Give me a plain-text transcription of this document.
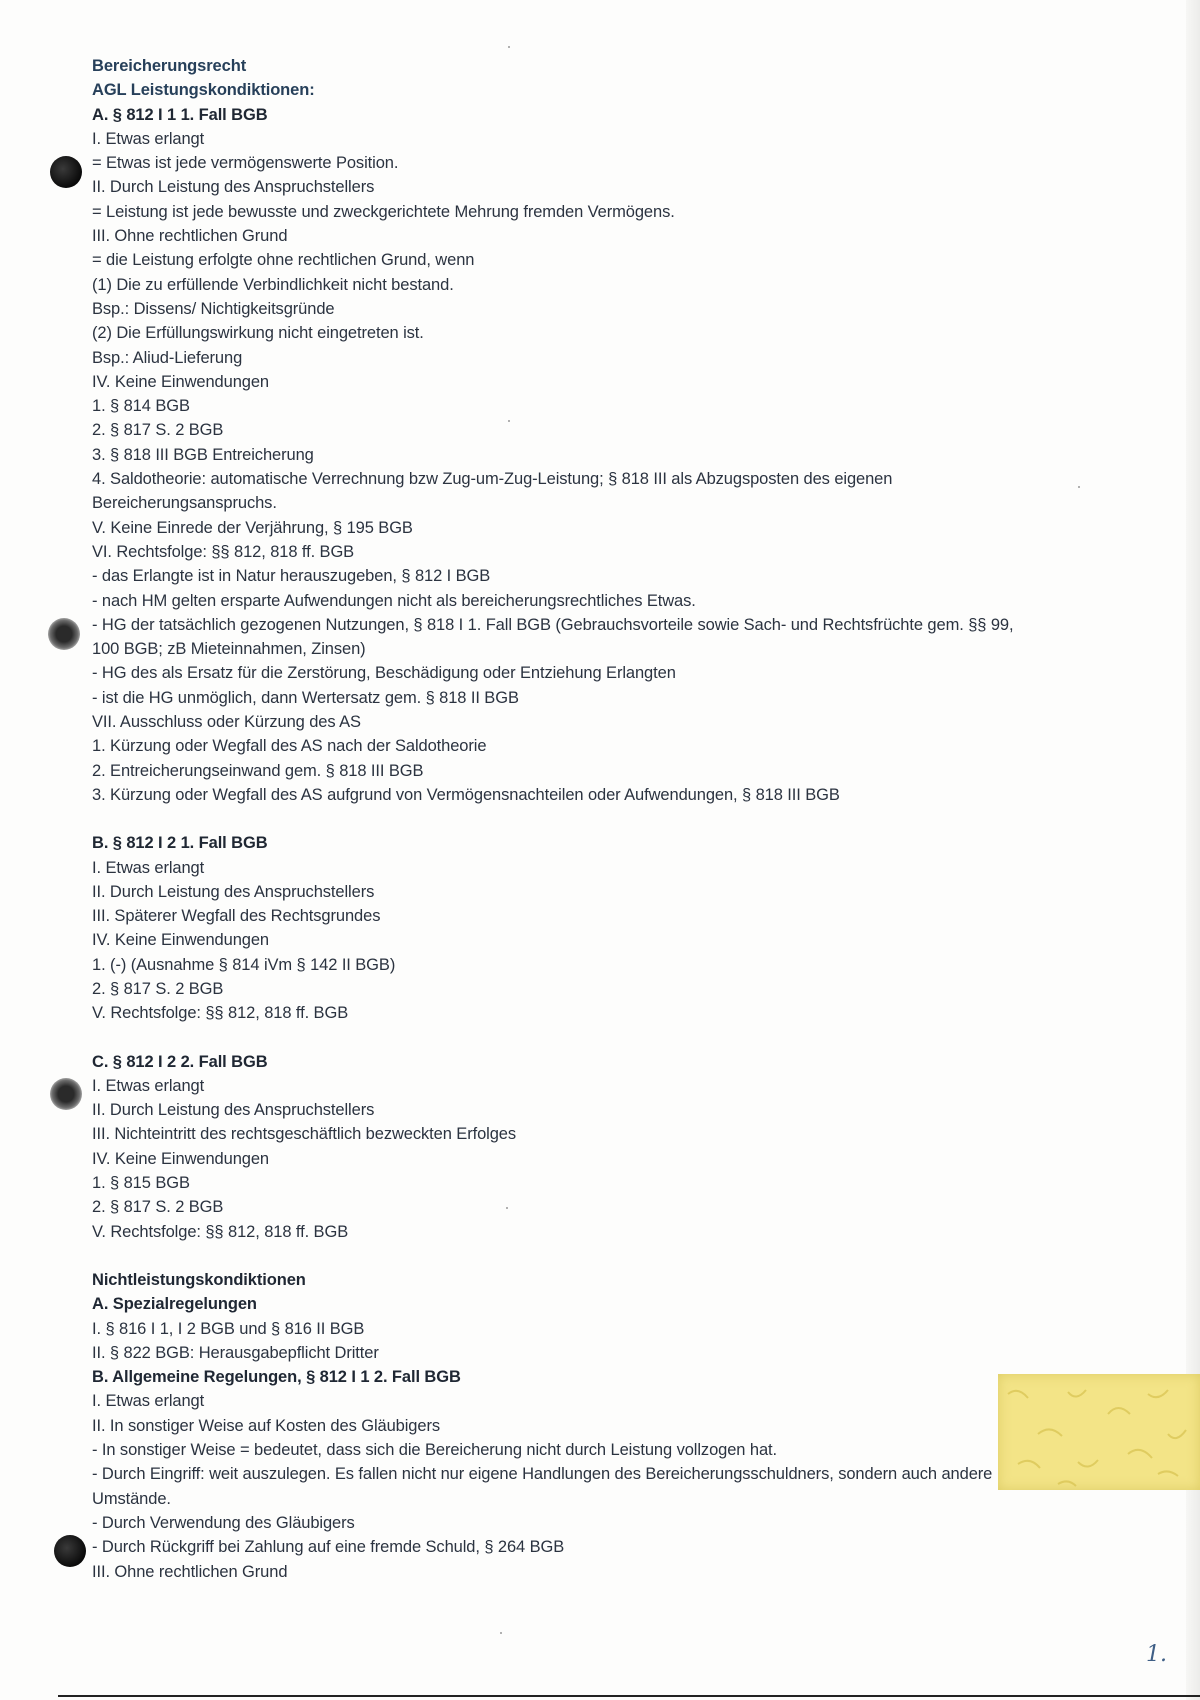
Bereicherungsrecht
AGL Leistungskondiktionen:
A. § 812 I 1 1. Fall BGB
I. Etwas erlangt
= Etwas ist jede vermögenswerte Position.
II. Durch Leistung des Anspruchstellers
= Leistung ist jede bewusste und zweckgerichtete Mehrung fremden Vermögens.
III. Ohne rechtlichen Grund
= die Leistung erfolgte ohne rechtlichen Grund, wenn
(1) Die zu erfüllende Verbindlichkeit nicht bestand.
Bsp.: Dissens/ Nichtigkeitsgründe
(2) Die Erfüllungswirkung nicht eingetreten ist.
Bsp.: Aliud-Lieferung
IV. Keine Einwendungen
1. § 814 BGB
2. § 817 S. 2 BGB
3. § 818 III BGB Entreicherung
4. Saldotheorie: automatische Verrechnung bzw Zug-um-Zug-Leistung; § 818 III als Abzugsposten des eigenen
Bereicherungsanspruchs.
V. Keine Einrede der Verjährung, § 195 BGB
VI. Rechtsfolge: §§ 812, 818 ff. BGB
- das Erlangte ist in Natur herauszugeben, § 812 I BGB
- nach HM gelten ersparte Aufwendungen nicht als bereicherungsrechtliches Etwas.
- HG der tatsächlich gezogenen Nutzungen, § 818 I 1. Fall BGB (Gebrauchsvorteile sowie Sach- und Rechtsfrüchte gem. §§ 99,
100 BGB; zB Mieteinnahmen, Zinsen)
- HG des als Ersatz für die Zerstörung, Beschädigung oder Entziehung Erlangten
- ist die HG unmöglich, dann Wertersatz gem. § 818 II BGB
VII. Ausschluss oder Kürzung des AS
1. Kürzung oder Wegfall des AS nach der Saldotheorie
2. Entreicherungseinwand gem. § 818 III BGB
3. Kürzung oder Wegfall des AS aufgrund von Vermögensnachteilen oder Aufwendungen, § 818 III BGB
B. § 812 I 2 1. Fall BGB
I. Etwas erlangt
II. Durch Leistung des Anspruchstellers
III. Späterer Wegfall des Rechtsgrundes
IV. Keine Einwendungen
1. (-) (Ausnahme § 814 iVm § 142 II BGB)
2. § 817 S. 2 BGB
V. Rechtsfolge: §§ 812, 818 ff. BGB
C. § 812 I 2 2. Fall BGB
I. Etwas erlangt
II. Durch Leistung des Anspruchstellers
III. Nichteintritt des rechtsgeschäftlich bezweckten Erfolges
IV. Keine Einwendungen
1. § 815 BGB
2. § 817 S. 2 BGB
V. Rechtsfolge: §§ 812, 818 ff. BGB
Nichtleistungskondiktionen
A. Spezialregelungen
I. § 816 I 1, I 2 BGB und § 816 II BGB
II. § 822 BGB: Herausgabepflicht Dritter
B. Allgemeine Regelungen, § 812 I 1 2. Fall BGB
I. Etwas erlangt
II. In sonstiger Weise auf Kosten des Gläubigers
- In sonstiger Weise = bedeutet, dass sich die Bereicherung nicht durch Leistung vollzogen hat.
- Durch Eingriff: weit auszulegen. Es fallen nicht nur eigene Handlungen des Bereicherungsschuldners, sondern auch andere
Umstände.
- Durch Verwendung des Gläubigers
- Durch Rückgriff bei Zahlung auf eine fremde Schuld, § 264 BGB
III. Ohne rechtlichen Grund
1.
